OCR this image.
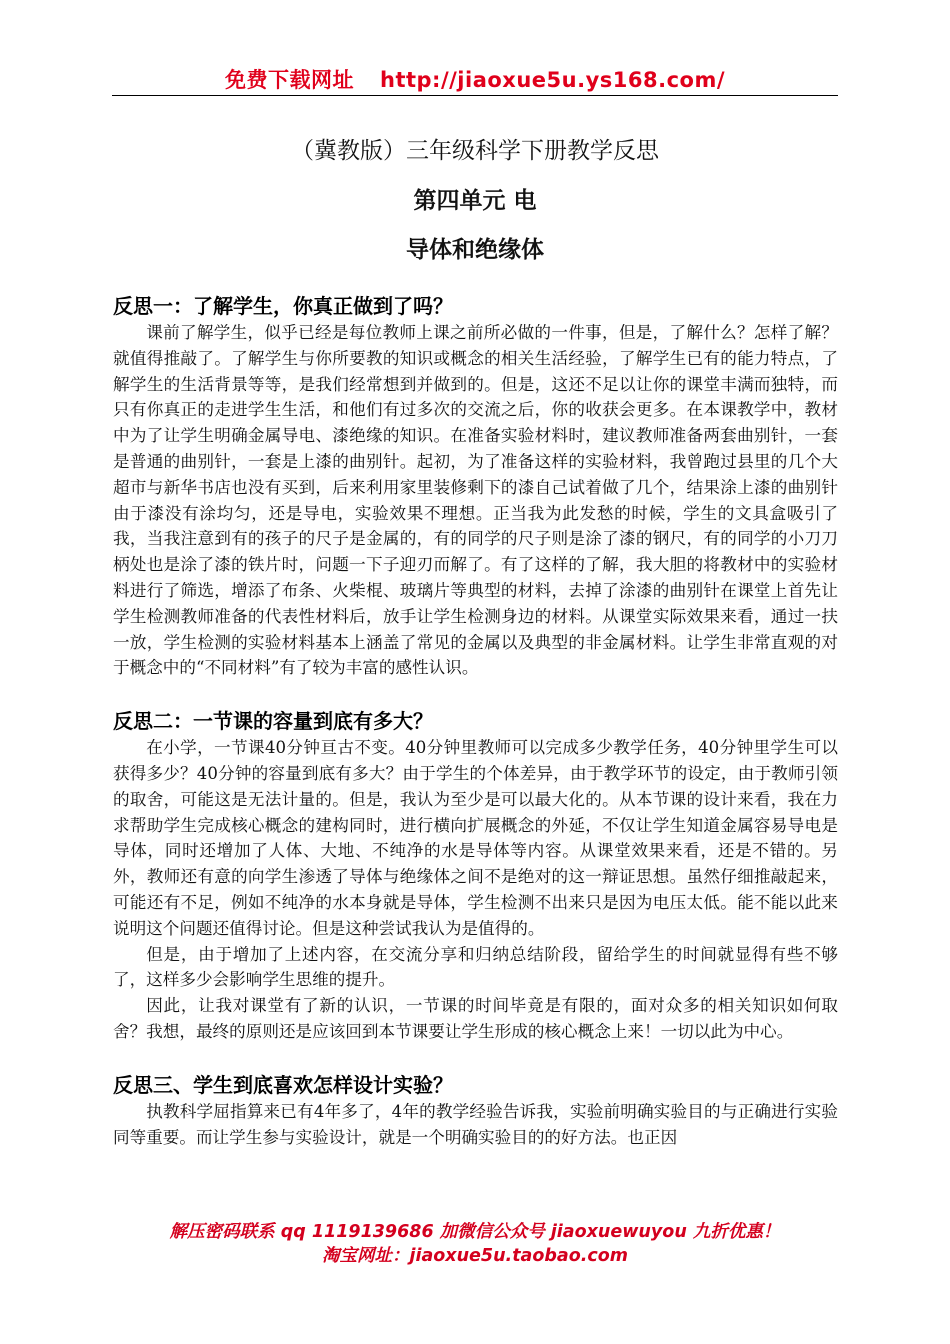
免费下载网址 http://jiaoxue5u.ys168.com/
（冀教版）三年级科学下册教学反思
第四单元 电
导体和绝缘体
反思一：了解学生，你真正做到了吗？

课前了解学生，似乎已经是每位教师上课之前所必做的一件事，但是，了解什么？怎样了解？就值得推敲了。了解学生与你所要教的知识或概念的相关生活经验，了解学生已有的能力特点，了解学生的生活背景等等，是我们经常想到并做到的。但是，这还不足以让你的课堂丰满而独特，而只有你真正的走进学生生活，和他们有过多次的交流之后，你的收获会更多。在本课教学中，教材中为了让学生明确金属导电、漆绝缘的知识。在准备实验材料时，建议教师准备两套曲别针，一套是普通的曲别针，一套是上漆的曲别针。起初，为了准备这样的实验材料，我曾跑过县里的几个大超市与新华书店也没有买到，后来利用家里装修剩下的漆自己试着做了几个，结果涂上漆的曲别针由于漆没有涂均匀，还是导电，实验效果不理想。正当我为此发愁的时候，学生的文具盒吸引了我，当我注意到有的孩子的尺子是金属的，有的同学的尺子则是涂了漆的钢尺，有的同学的小刀刀柄处也是涂了漆的铁片时，问题一下子迎刃而解了。有了这样的了解，我大胆的将教材中的实验材料进行了筛选，增添了布条、火柴棍、玻璃片等典型的材料，去掉了涂漆的曲别针在课堂上首先让学生检测教师准备的代表性材料后，放手让学生检测身边的材料。从课堂实际效果来看，通过一扶一放，学生检测的实验材料基本上涵盖了常见的金属以及典型的非金属材料。让学生非常直观的对于概念中的“不同材料”有了较为丰富的感性认识。

反思二：一节课的容量到底有多大？

在小学，一节课40分钟亘古不变。40分钟里教师可以完成多少教学任务，40分钟里学生可以获得多少？40分钟的容量到底有多大？由于学生的个体差异，由于教学环节的设定，由于教师引领的取舍，可能这是无法计量的。但是，我认为至少是可以最大化的。从本节课的设计来看，我在力求帮助学生完成核心概念的建构同时，进行横向扩展概念的外延，不仅让学生知道金属容易导电是导体，同时还增加了人体、大地、不纯净的水是导体等内容。从课堂效果来看，还是不错的。另外，教师还有意的向学生渗透了导体与绝缘体之间不是绝对的这一辩证思想。虽然仔细推敲起来，可能还有不足，例如不纯净的水本身就是导体，学生检测不出来只是因为电压太低。能不能以此来说明这个问题还值得讨论。但是这种尝试我认为是值得的。

但是，由于增加了上述内容，在交流分享和归纳总结阶段，留给学生的时间就显得有些不够了，这样多少会影响学生思维的提升。

因此，让我对课堂有了新的认识，一节课的时间毕竟是有限的，面对众多的相关知识如何取舍？我想，最终的原则还是应该回到本节课要让学生形成的核心概念上来！一切以此为中心。

反思三、学生到底喜欢怎样设计实验？

执教科学屈指算来已有4年多了，4年的教学经验告诉我，实验前明确实验目的与正确进行实验同等重要。而让学生参与实验设计，就是一个明确实验目的的好方法。也正因

解压密码联系 qq 1119139686 加微信公众号 jiaoxuewuyou 九折优惠！
淘宝网址：jiaoxue5u.taobao.com
